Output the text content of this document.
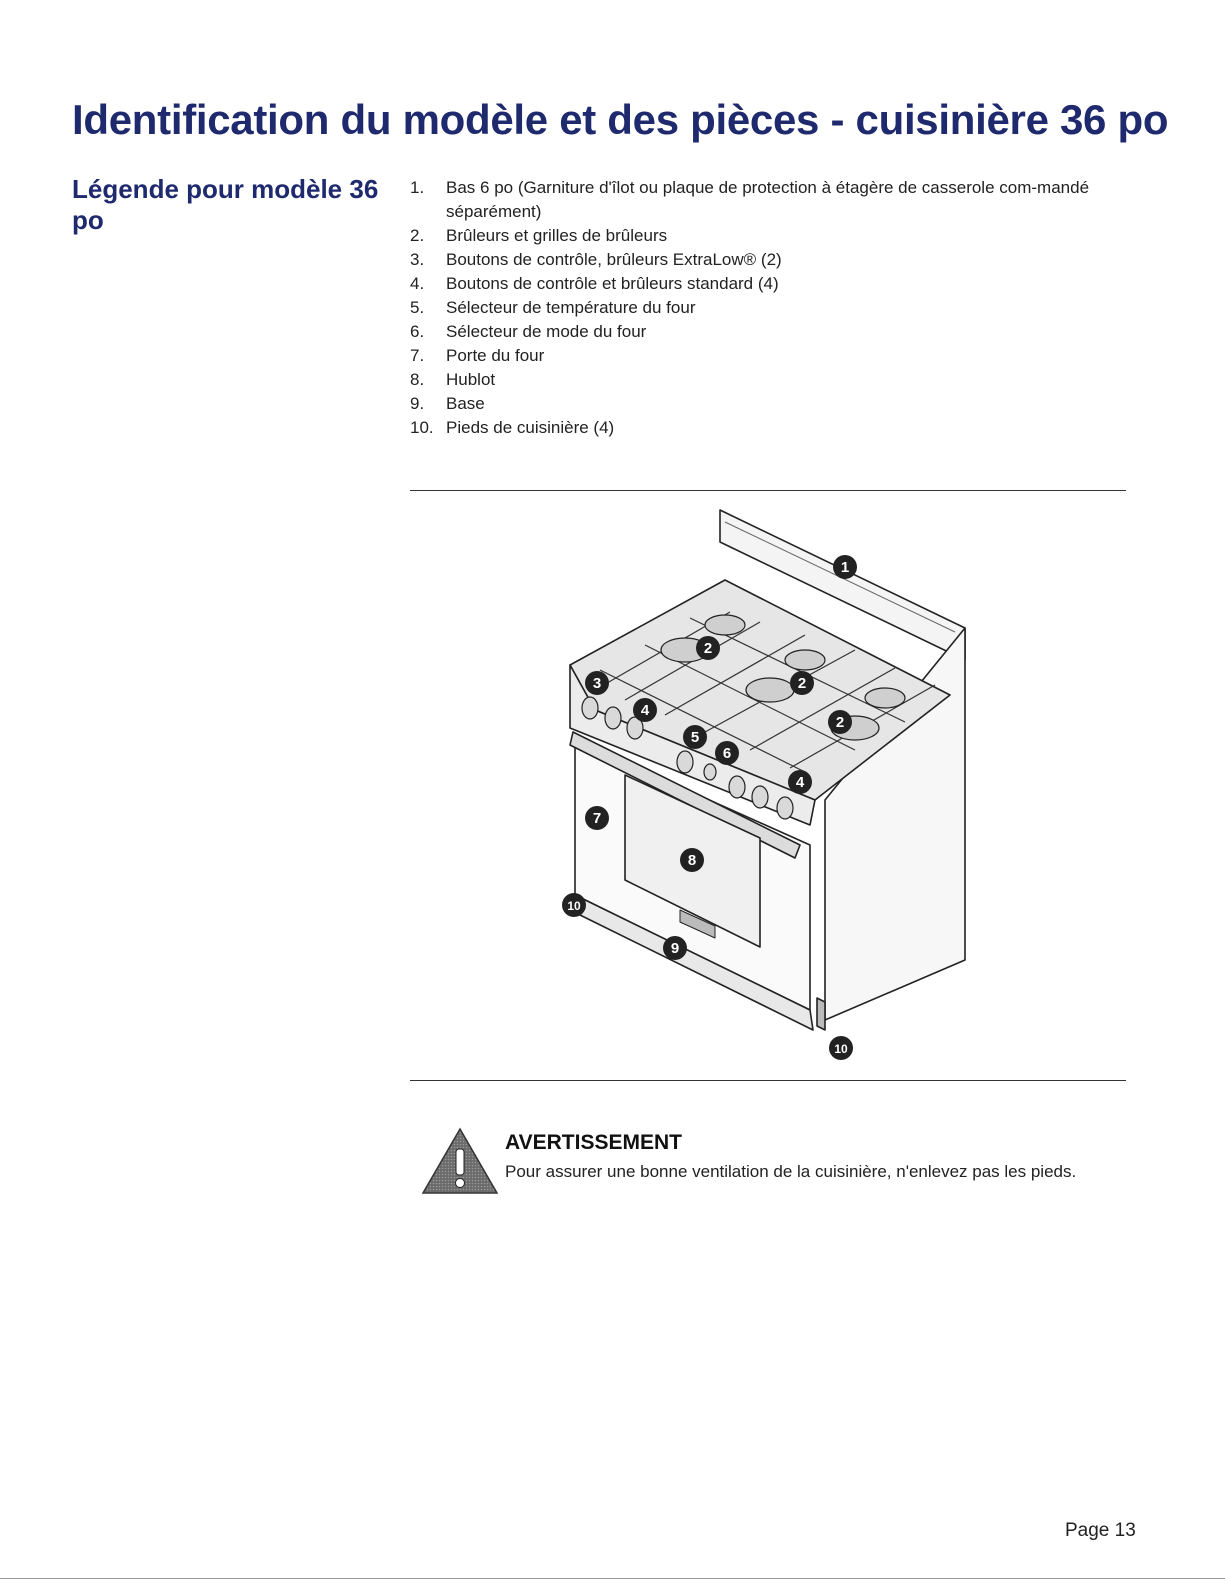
Identification du modèle et des pièces - cuisinière 36 po
Légende pour modèle 36 po
1.	Bas 6 po (Garniture d'îlot ou plaque de protection à étagère de casserole com-mandé séparément)
2.	Brûleurs et grilles de brûleurs
3.	Boutons de contrôle, brûleurs ExtraLow® (2)
4.	Boutons de contrôle et brûleurs standard (4)
5.	Sélecteur de température du four
6.	Sélecteur de mode du four
7.	Porte du four
8.	Hublot
9.	Base
10. Pieds de cuisinière (4)
1
2
2
2
3
4
4
5
6
7
8
9
10
10
AVERTISSEMENT

Pour assurer une bonne ventilation de la cuisinière, n'enlevez pas les pieds.

Page 13
